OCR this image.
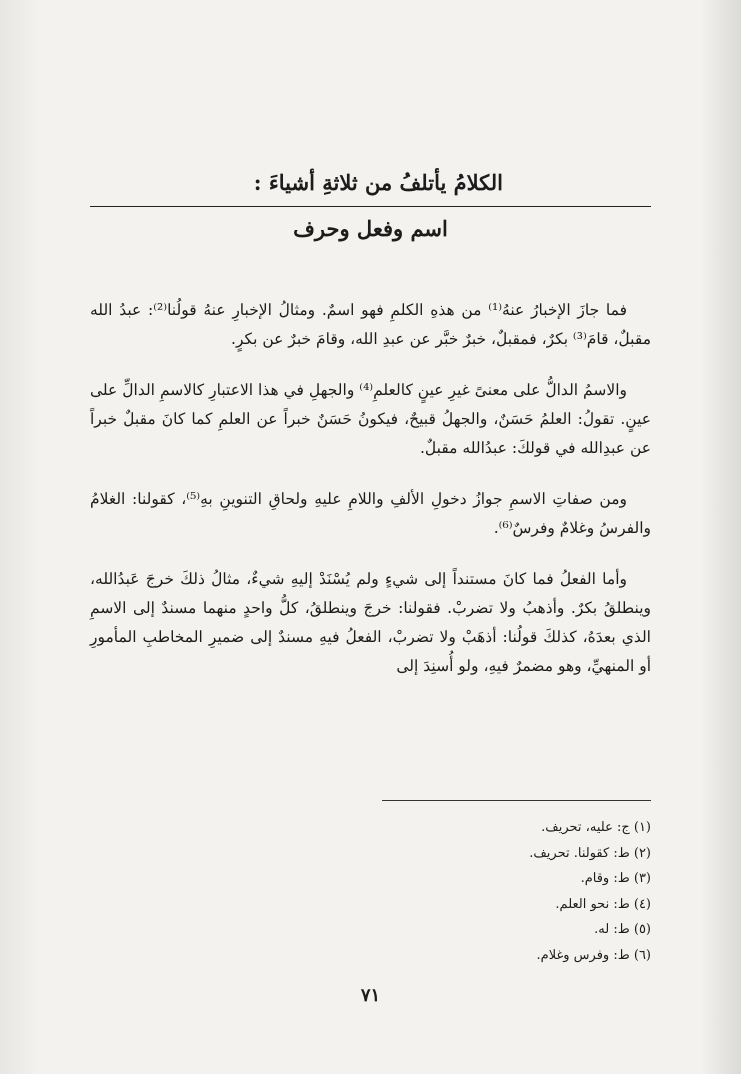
الكلامُ يأتلفُ من ثلاثةِ أشياءَ :
اسم وفعل وحرف

فما جازَ الإخبارُ عنهُ⁽¹⁾ من هذهِ الكلمِ فهو اسمٌ. ومثالُ الإخبارِ عنهُ قولُنا⁽²⁾: عبدُ الله مقبلٌ، قامَ⁽³⁾ بكرٌ، فمقبلٌ، خبرٌ خبَّر عن عبدِ الله، وقامَ خبرٌ عن بكرٍ.

والاسمُ الدالُّ على معنىً غيرِ عينٍ كالعلمِ⁽⁴⁾ والجهلِ في هذا الاعتبارِ كالاسمِ الدالِّ على عينٍ. تقولُ: العلمُ حَسَنٌ، والجهلُ قبيحٌ، فيكونُ حَسَنٌ خبراً عن العلمِ كما كانَ مقبلٌ خبراً عن عبدِالله في قولكَ: عبدُالله مقبلٌ.

ومن صفاتِ الاسمِ جوازُ دخولِ الألفِ واللامِ عليهِ ولحاقِ التنوينِ بهِ⁽⁵⁾، كقولنا: الغلامُ والفرسُ وغلامٌ وفرسٌ⁽⁶⁾.

وأما الفعلُ فما كانَ مستنداً إلى شيءٍ ولم يُسْنَدْ إليهِ شيءٌ، مثالُ ذلكَ خرجَ عَبدُالله، وينطلقُ بكرٌ. وأذهبُ ولا تضربْ. فقولنا: خرجَ وينطلقُ، كلُّ واحدٍ منهما مسندٌ إلى الاسمِ الذي بعدَهُ، كذلكَ قولُنا: أذهَبْ ولا تضربْ، الفعلُ فيهِ مسندٌ إلى ضميرِ المخاطبِ المأمورِ أو المنهيِّ، وهو مضمرٌ فيهِ، ولو أُسنِدَ إلى

(١) ج: عليه، تحريف.
(٢) ط: كقولنا. تحريف.
(٣) ط: وقام.
(٤) ط: نحو العلم.
(٥) ط: له.
(٦) ط: وفرس وغلام.
٧١
